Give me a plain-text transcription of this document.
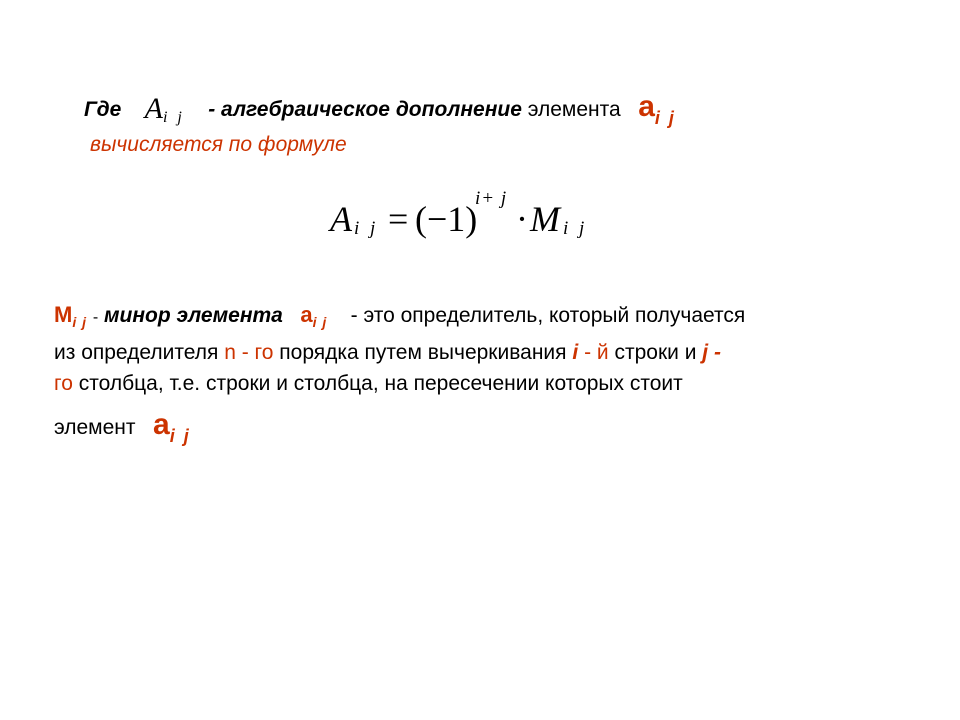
Где $A_{i j}$ - алгебраическое дополнение элемента ai j
вычисляется по формуле
A i j = (−1)
i+ j
· M i j
$M_{i j}$ - минор элемента $a_{i j}$ - это определитель, который получается
из определителя n - го порядка путем вычеркивания i - й строки и j -
го столбца, т.е. строки и столбца, на пересечении которых стоит
элемент ai j
